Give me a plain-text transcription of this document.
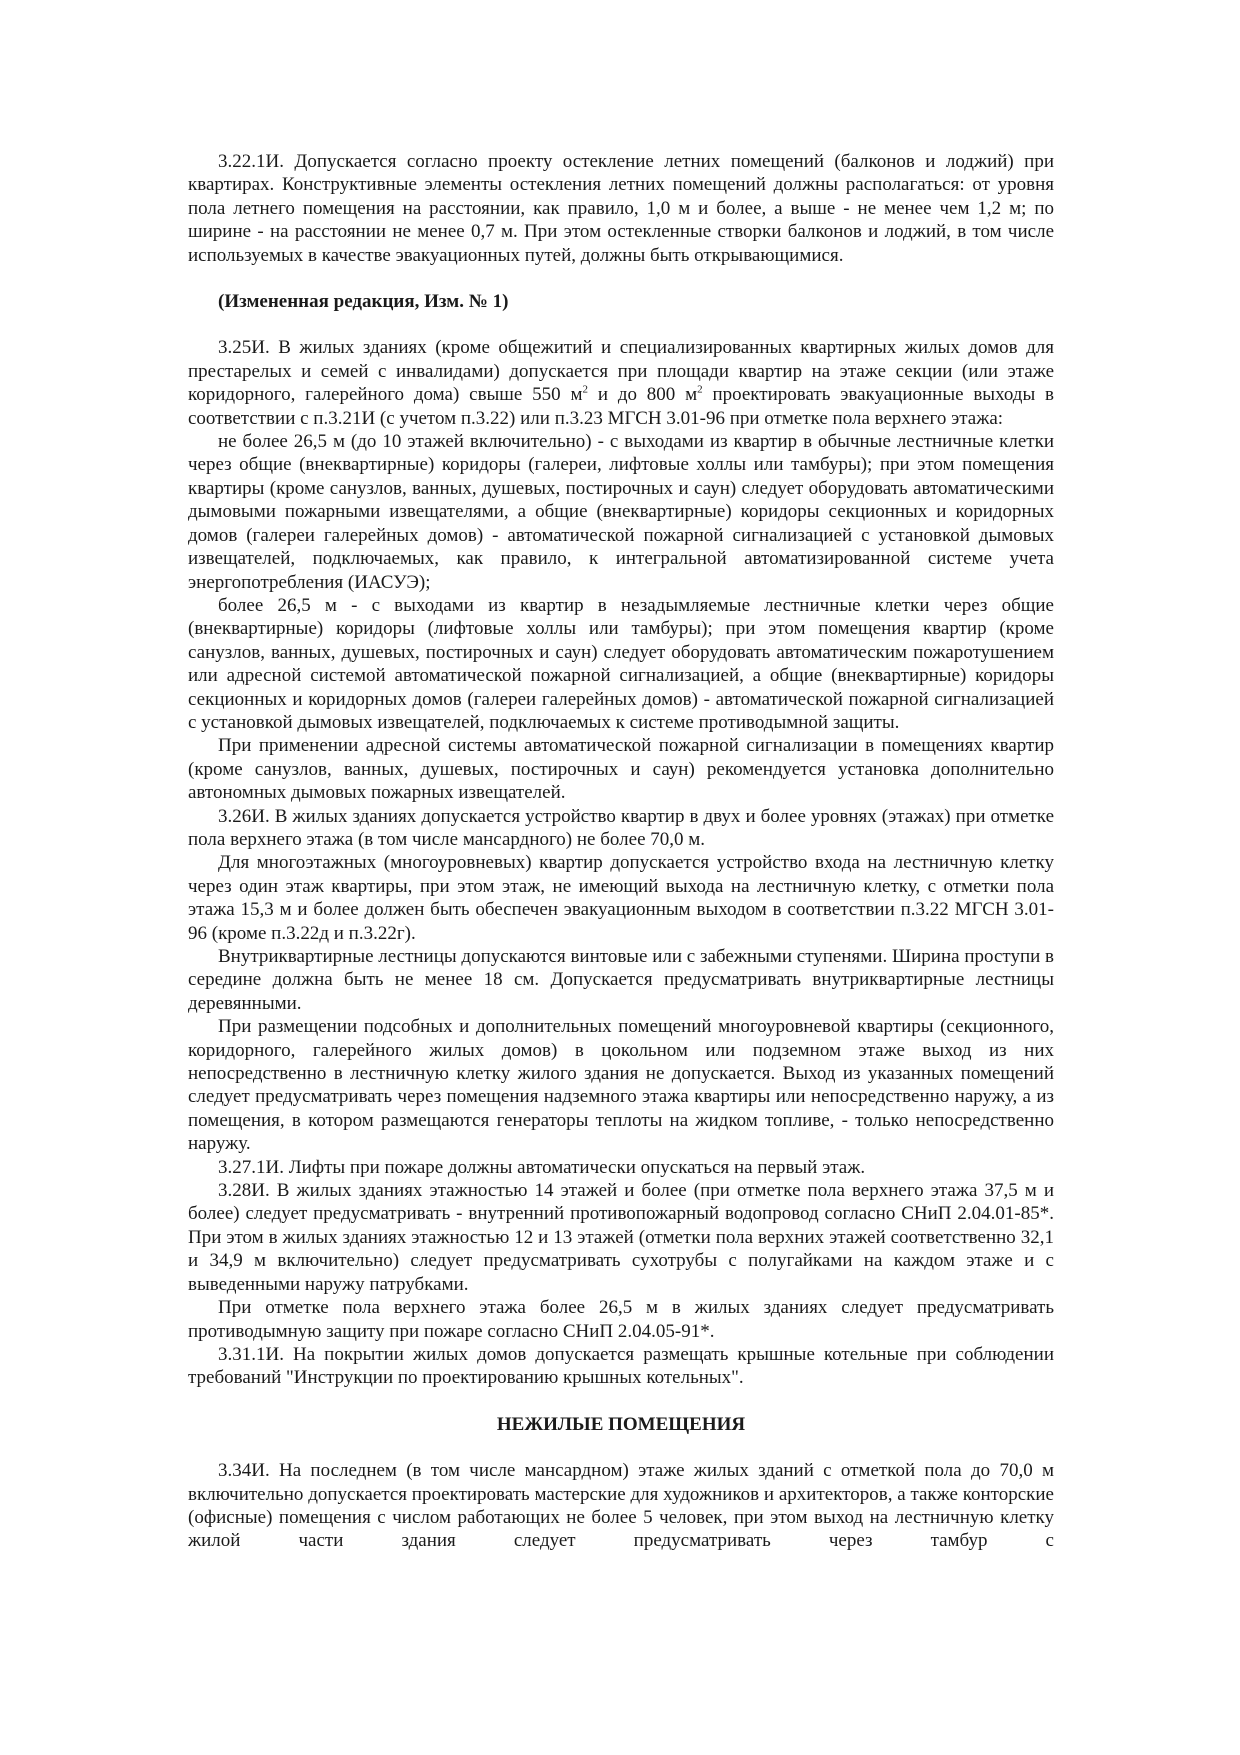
3.22.1И. Допускается согласно проекту остекление летних помещений (балконов и лоджий) при квартирах. Конструктивные элементы остекления летних помещений должны располагаться: от уровня пола летнего помещения на расстоянии, как правило, 1,0 м и более, а выше - не менее чем 1,2 м; по ширине - на расстоянии не менее 0,7 м. При этом остекленные створки балконов и лоджий, в том числе используемых в качестве эвакуационных путей, должны быть открывающимися.

(Измененная редакция, Изм. № 1)

3.25И. В жилых зданиях (кроме общежитий и специализированных квартирных жилых домов для престарелых и семей с инвалидами) допускается при площади квартир на этаже секции (или этаже коридорного, галерейного дома) свыше 550 $м^2$ и до 800 $м^2$ проектировать эвакуационные выходы в соответствии с п.3.21И (с учетом п.3.22) или п.3.23 МГСН 3.01-96 при отметке пола верхнего этажа:

не более 26,5 м (до 10 этажей включительно) - с выходами из квартир в обычные лестничные клетки через общие (внеквартирные) коридоры (галереи, лифтовые холлы или тамбуры); при этом помещения квартиры (кроме санузлов, ванных, душевых, постирочных и саун) следует оборудовать автоматическими дымовыми пожарными извещателями, а общие (внеквартирные) коридоры секционных и коридорных домов (галереи галерейных домов) - автоматической пожарной сигнализацией с установкой дымовых извещателей, подключаемых, как правило, к интегральной автоматизированной системе учета энергопотребления (ИАСУЭ);

более 26,5 м - с выходами из квартир в незадымляемые лестничные клетки через общие (внеквартирные) коридоры (лифтовые холлы или тамбуры); при этом помещения квартир (кроме санузлов, ванных, душевых, постирочных и саун) следует оборудовать автоматическим пожаротушением или адресной системой автоматической пожарной сигнализацией, а общие (внеквартирные) коридоры секционных и коридорных домов (галереи галерейных домов) - автоматической пожарной сигнализацией с установкой дымовых извещателей, подключаемых к системе противодымной защиты.

При применении адресной системы автоматической пожарной сигнализации в помещениях квартир (кроме санузлов, ванных, душевых, постирочных и саун) рекомендуется установка дополнительно автономных дымовых пожарных извещателей.

3.26И. В жилых зданиях допускается устройство квартир в двух и более уровнях (этажах) при отметке пола верхнего этажа (в том числе мансардного) не более 70,0 м.

Для многоэтажных (многоуровневых) квартир допускается устройство входа на лестничную клетку через один этаж квартиры, при этом этаж, не имеющий выхода на лестничную клетку, с отметки пола этажа 15,3 м и более должен быть обеспечен эвакуационным выходом в соответствии п.3.22 МГСН 3.01-96 (кроме п.3.22д и п.3.22г).

Внутриквартирные лестницы допускаются винтовые или с забежными ступенями. Ширина проступи в середине должна быть не менее 18 см. Допускается предусматривать внутриквартирные лестницы деревянными.

При размещении подсобных и дополнительных помещений многоуровневой квартиры (секционного, коридорного, галерейного жилых домов) в цокольном или подземном этаже выход из них непосредственно в лестничную клетку жилого здания не допускается. Выход из указанных помещений следует предусматривать через помещения надземного этажа квартиры или непосредственно наружу, а из помещения, в котором размещаются генераторы теплоты на жидком топливе, - только непосредственно наружу.

3.27.1И. Лифты при пожаре должны автоматически опускаться на первый этаж.

3.28И. В жилых зданиях этажностью 14 этажей и более (при отметке пола верхнего этажа 37,5 м и более) следует предусматривать - внутренний противопожарный водопровод согласно СНиП 2.04.01-85*. При этом в жилых зданиях этажностью 12 и 13 этажей (отметки пола верхних этажей соответственно 32,1 и 34,9 м включительно) следует предусматривать сухотрубы с полугайками на каждом этаже и с выведенными наружу патрубками.

При отметке пола верхнего этажа более 26,5 м в жилых зданиях следует предусматривать противодымную защиту при пожаре согласно СНиП 2.04.05-91*.

3.31.1И. На покрытии жилых домов допускается размещать крышные котельные при соблюдении требований "Инструкции по проектированию крышных котельных".

НЕЖИЛЫЕ ПОМЕЩЕНИЯ

3.34И. На последнем (в том числе мансардном) этаже жилых зданий с отметкой пола до 70,0 м включительно допускается проектировать мастерские для художников и архитекторов, а также конторские (офисные) помещения с числом работающих не более 5 человек, при этом выход на лестничную клетку жилой части здания следует предусматривать через тамбур с
